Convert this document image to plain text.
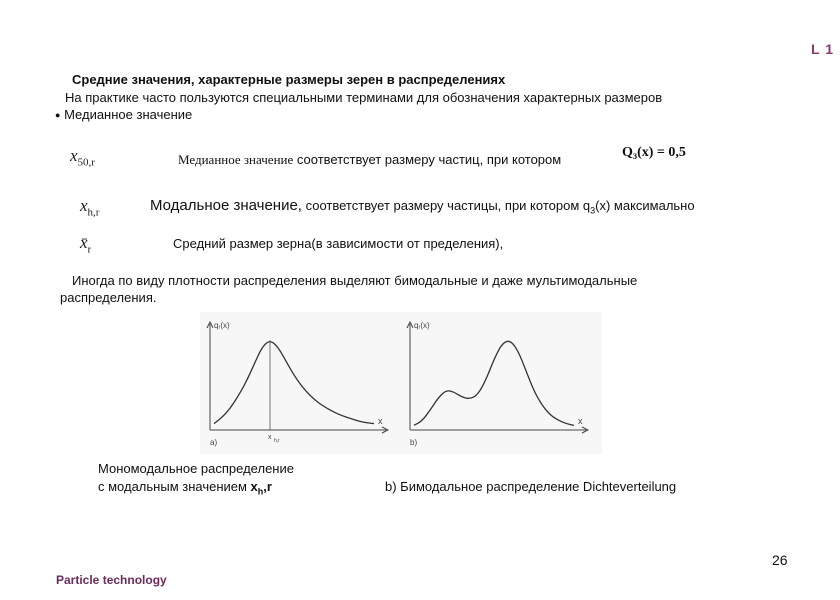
L 1
Средние значения, характерные размеры зерен в распределениях
На практике часто пользуются специальными терминами для обозначения характерных размеров
● Медианное значение
$x_{50,r}$	Медианное значение соответствует размеру частиц, при котором	Q₃(x) = 0,5
$x_{h,r}$	Модальное значение, соответствует размеру частицы, при котором $q_3(x)$ максимально
$x̄_r$	Средний размер зерна(в зависимости от пределения),
Иногда по виду плотности распределения выделяют бимодальные и даже мультимодальные
распределения.
qᵣ(x)
x
a)
x h,r
qᵣ(x)
x
b)
Мономодальное распределение
с модальным значением $x_h,r$	b) Бимодальное распределение Dichteverteilung
26
Particle technology
